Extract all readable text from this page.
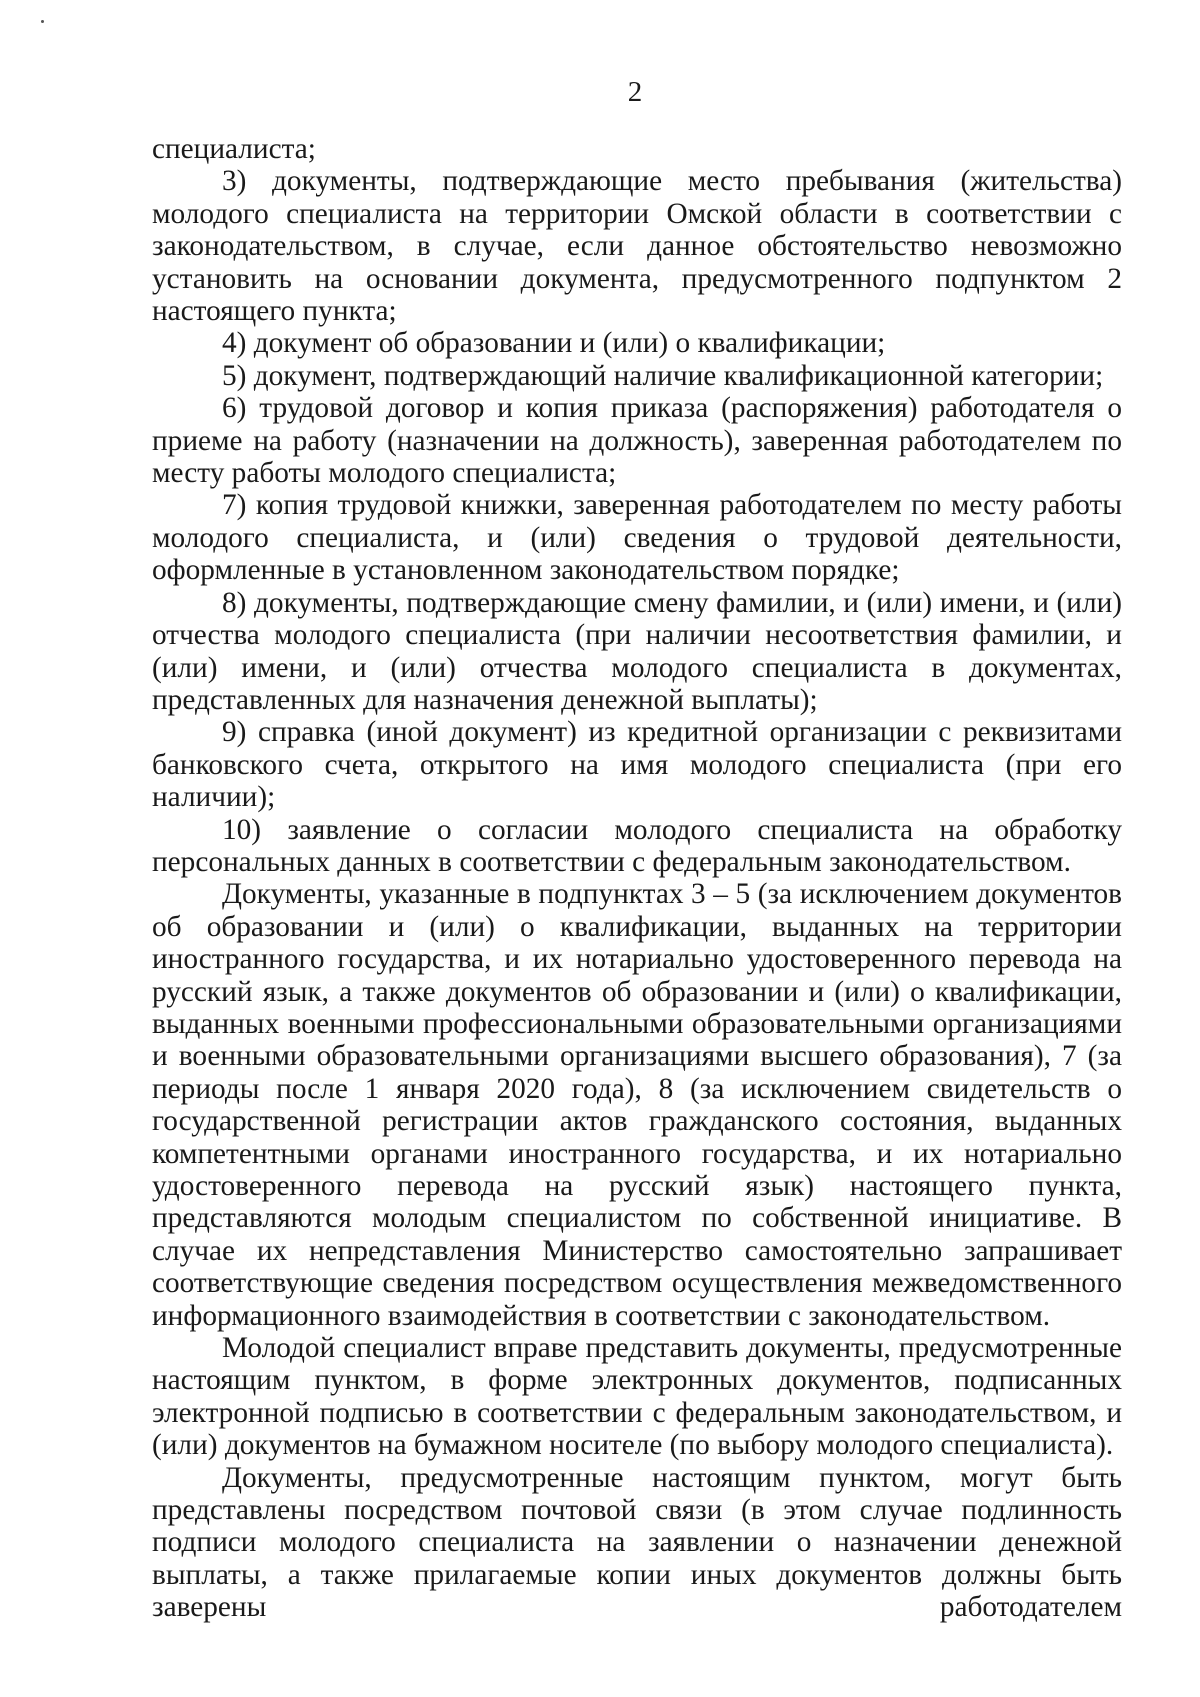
2

специалиста;

3) документы, подтверждающие место пребывания (жительства) молодого специалиста на территории Омской области в соответствии с законодательством, в случае, если данное обстоятельство невозможно установить на основании документа, предусмотренного подпунктом 2 настоящего пункта;

4) документ об образовании и (или) о квалификации;

5) документ, подтверждающий наличие квалификационной категории;

6) трудовой договор и копия приказа (распоряжения) работодателя о приеме на работу (назначении на должность), заверенная работодателем по месту работы молодого специалиста;

7) копия трудовой книжки, заверенная работодателем по месту работы молодого специалиста, и (или) сведения о трудовой деятельности, оформленные в установленном законодательством порядке;

8) документы, подтверждающие смену фамилии, и (или) имени, и (или) отчества молодого специалиста (при наличии несоответствия фамилии, и (или) имени, и (или) отчества молодого специалиста в документах, представленных для назначения денежной выплаты);

9) справка (иной документ) из кредитной организации с реквизитами банковского счета, открытого на имя молодого специалиста (при его наличии);

10) заявление о согласии молодого специалиста на обработку персональных данных в соответствии с федеральным законодательством.

Документы, указанные в подпунктах 3 – 5 (за исключением документов об образовании и (или) о квалификации, выданных на территории иностранного государства, и их нотариально удостоверенного перевода на русский язык, а также документов об образовании и (или) о квалификации, выданных военными профессиональными образовательными организациями и военными образовательными организациями высшего образования), 7 (за периоды после 1 января 2020 года), 8 (за исключением свидетельств о государственной регистрации актов гражданского состояния, выданных компетентными органами иностранного государства, и их нотариально удостоверенного перевода на русский язык) настоящего пункта, представляются молодым специалистом по собственной инициативе. В случае их непредставления Министерство самостоятельно запрашивает соответствующие сведения посредством осуществления межведомственного информационного взаимодействия в соответствии с законодательством.

Молодой специалист вправе представить документы, предусмотренные настоящим пунктом, в форме электронных документов, подписанных электронной подписью в соответствии с федеральным законодательством, и (или) документов на бумажном носителе (по выбору молодого специалиста).

Документы, предусмотренные настоящим пунктом, могут быть представлены посредством почтовой связи (в этом случае подлинность подписи молодого специалиста на заявлении о назначении денежной выплаты, а также прилагаемые копии иных документов должны быть заверены работодателем
